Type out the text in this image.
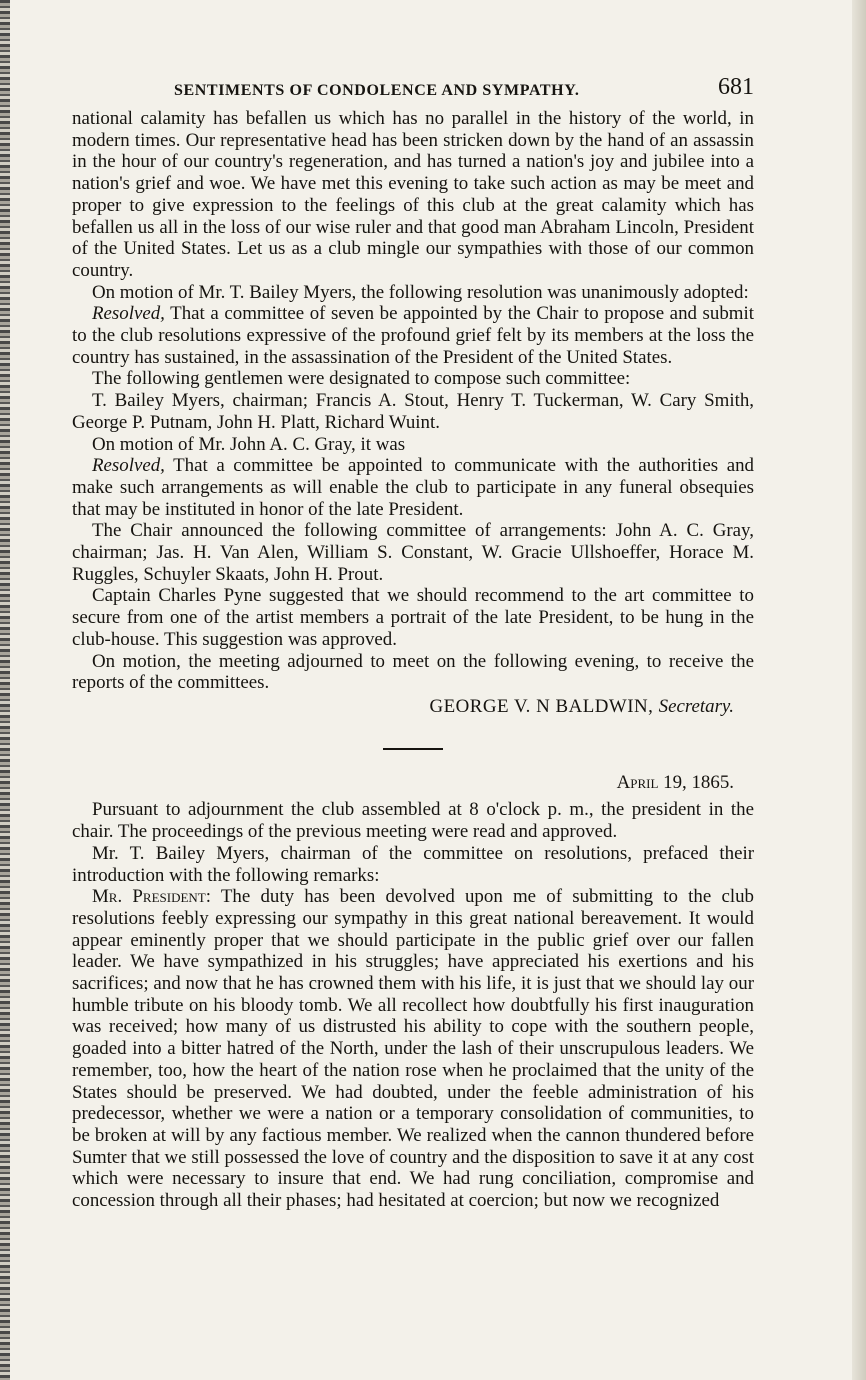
SENTIMENTS OF CONDOLENCE AND SYMPATHY.	681

national calamity has befallen us which has no parallel in the history of the world, in modern times. Our representative head has been stricken down by the hand of an assassin in the hour of our country's regeneration, and has turned a nation's joy and jubilee into a nation's grief and woe. We have met this evening to take such action as may be meet and proper to give expression to the feelings of this club at the great calamity which has befallen us all in the loss of our wise ruler and that good man Abraham Lincoln, President of the United States. Let us as a club mingle our sympathies with those of our common country.

On motion of Mr. T. Bailey Myers, the following resolution was unanimously adopted:

Resolved, That a committee of seven be appointed by the Chair to propose and submit to the club resolutions expressive of the profound grief felt by its members at the loss the country has sustained, in the assassination of the President of the United States.

The following gentlemen were designated to compose such committee:

T. Bailey Myers, chairman; Francis A. Stout, Henry T. Tuckerman, W. Cary Smith, George P. Putnam, John H. Platt, Richard Wuint.

On motion of Mr. John A. C. Gray, it was

Resolved, That a committee be appointed to communicate with the authorities and make such arrangements as will enable the club to participate in any funeral obsequies that may be instituted in honor of the late President.

The Chair announced the following committee of arrangements: John A. C. Gray, chairman; Jas. H. Van Alen, William S. Constant, W. Gracie Ullshoeffer, Horace M. Ruggles, Schuyler Skaats, John H. Prout.

Captain Charles Pyne suggested that we should recommend to the art committee to secure from one of the artist members a portrait of the late President, to be hung in the club-house. This suggestion was approved.

On motion, the meeting adjourned to meet on the following evening, to receive the reports of the committees.

GEORGE V. N BALDWIN, Secretary.
April 19, 1865.

Pursuant to adjournment the club assembled at 8 o'clock p. m., the president in the chair. The proceedings of the previous meeting were read and approved.

Mr. T. Bailey Myers, chairman of the committee on resolutions, prefaced their introduction with the following remarks:

Mr. President: The duty has been devolved upon me of submitting to the club resolutions feebly expressing our sympathy in this great national bereavement. It would appear eminently proper that we should participate in the public grief over our fallen leader. We have sympathized in his struggles; have appreciated his exertions and his sacrifices; and now that he has crowned them with his life, it is just that we should lay our humble tribute on his bloody tomb. We all recollect how doubtfully his first inauguration was received; how many of us distrusted his ability to cope with the southern people, goaded into a bitter hatred of the North, under the lash of their unscrupulous leaders. We remember, too, how the heart of the nation rose when he proclaimed that the unity of the States should be preserved. We had doubted, under the feeble administration of his predecessor, whether we were a nation or a temporary consolidation of communities, to be broken at will by any factious member. We realized when the cannon thundered before Sumter that we still possessed the love of country and the disposition to save it at any cost which were necessary to insure that end. We had rung conciliation, compromise and concession through all their phases; had hesitated at coercion; but now we recognized
